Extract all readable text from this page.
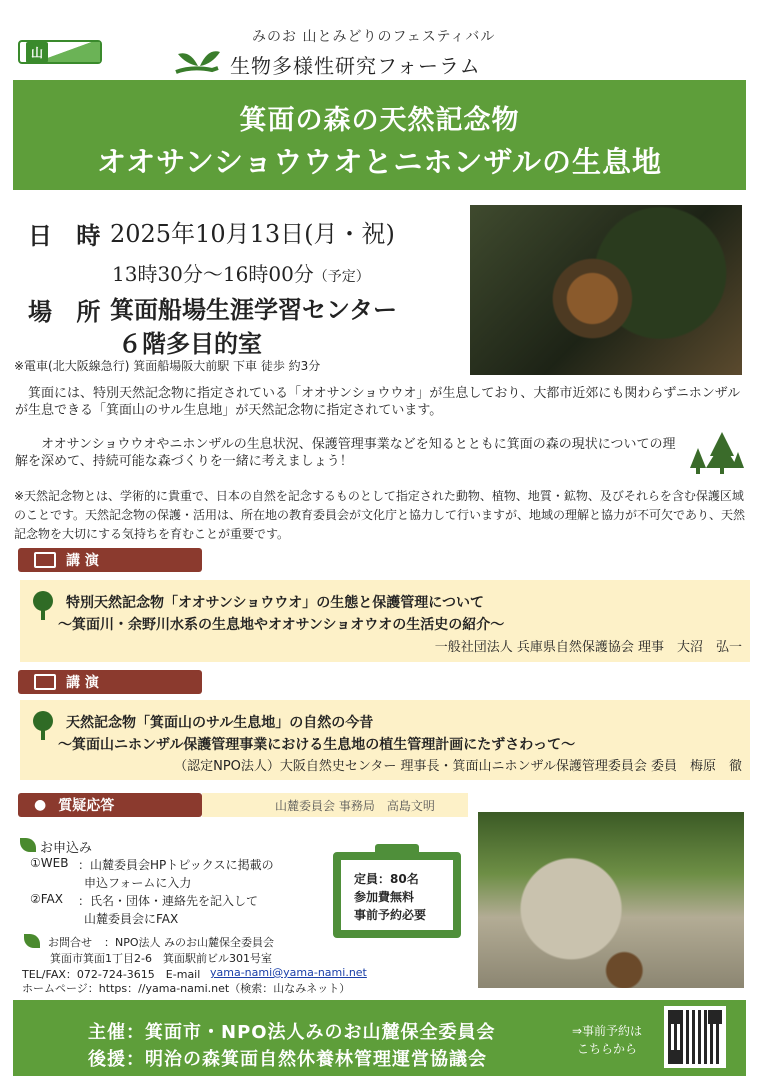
山
みのお 山とみどりのフェスティバル
生物多様性研究フォーラム
箕面の森の天然記念物
オオサンショウウオとニホンザルの生息地
日 時 2025年10月13日(月・祝)
13時30分～16時00分（予定）
場 所 箕面船場生涯学習センター
６階多目的室
※電車(北大阪線急行) 箕面船場阪大前駅 下車 徒歩 約3分
箕面には、特別天然記念物に指定されている「オオサンショウウオ」が生息しており、大都市近郊にも関わらずニホンザルが生息できる「箕面山のサル生息地」が天然記念物に指定されています。
オオサンショウウオやニホンザルの生息状況、保護管理事業などを知るとともに箕面の森の現状についての理解を深めて、持続可能な森づくりを一緒に考えましょう！
※天然記念物とは、学術的に貴重で、日本の自然を記念するものとして指定された動物、植物、地質・鉱物、及びそれらを含む保護区域のことです。天然記念物の保護・活用は、所在地の教育委員会が文化庁と協力して行いますが、地域の理解と協力が不可欠であり、天然記念物を大切にする気持ちを育むことが重要です。
講 演
特別天然記念物「オオサンショウウオ」の生態と保護管理について
～箕面川・余野川水系の生息地やオオサンショオウオの生活史の紹介～
一般社団法人 兵庫県自然保護協会 理事　大沼　弘一
講 演
天然記念物「箕面山のサル生息地」の自然の今昔
～箕面山ニホンザル保護管理事業における生息地の植生管理計画にたずさわって～
（認定NPO法人）大阪自然史センター 理事長・箕面山ニホンザル保護管理委員会 委員　梅原　徹
● 質疑応答	山麓委員会 事務局　高島文明
お申込み
①WEB ：山麓委員会HPトピックスに掲載の
申込フォームに入力
②FAX ：氏名・団体・連絡先を記入して
山麓委員会にFAX
定員：80名
参加費無料
事前予約必要
お問合せ ：NPO法人 みのお山麓保全委員会
箕面市箕面1丁目2-6　箕面駅前ビル301号室
TEL/FAX：072-724-3615　E-mail yama-nami@yama-nami.net
ホームページ：https：//yama-nami.net（検索：山なみネット）
主催：箕面市・NPO法人みのお山麓保全委員会
後援：明治の森箕面自然休養林管理運営協議会
⇒事前予約は
こちらから
